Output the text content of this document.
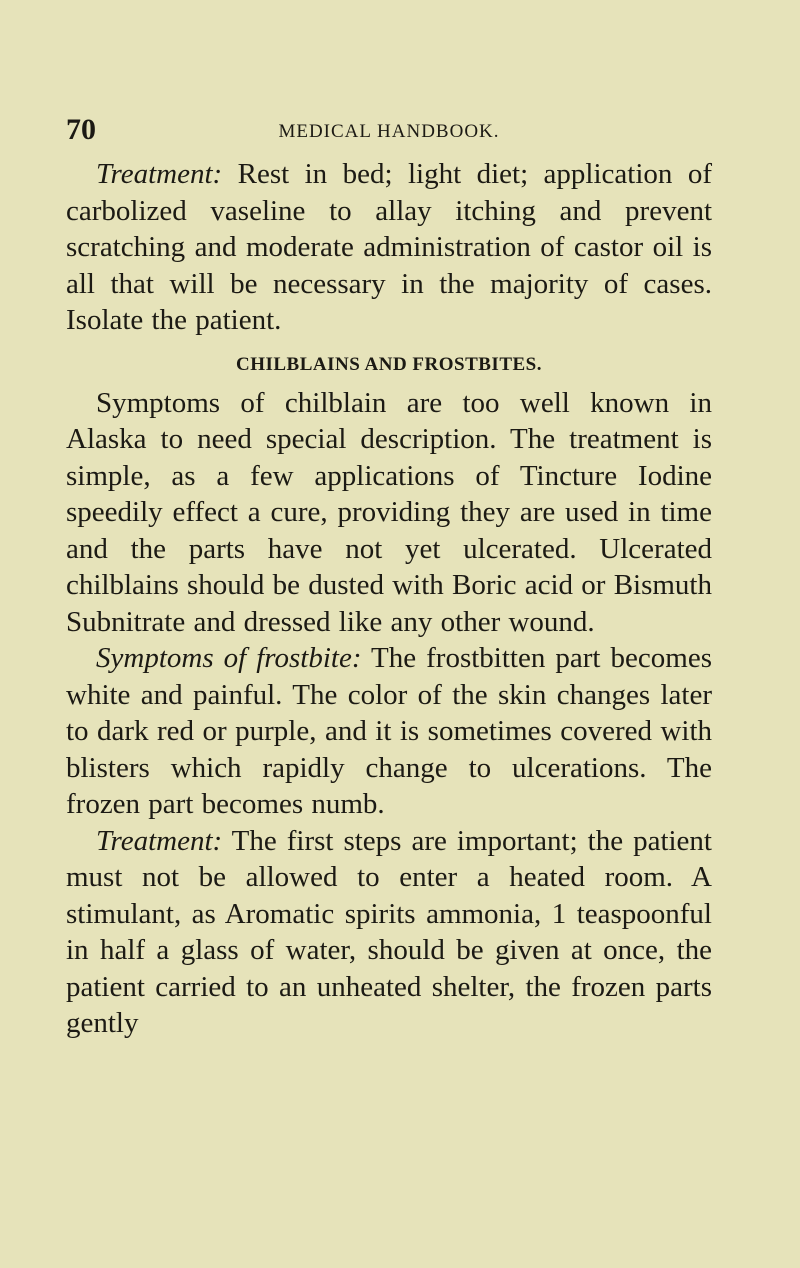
70	MEDICAL HANDBOOK.

Treatment: Rest in bed; light diet; application of carbolized vaseline to allay itching and prevent scratching and moderate administration of castor oil is all that will be necessary in the majority of cases. Isolate the patient.

CHILBLAINS AND FROSTBITES.

Symptoms of chilblain are too well known in Alaska to need special description. The treatment is simple, as a few applications of Tincture Iodine speedily effect a cure, providing they are used in time and the parts have not yet ulcerated. Ulcerated chilblains should be dusted with Boric acid or Bismuth Subnitrate and dressed like any other wound.

Symptoms of frostbite: The frostbitten part becomes white and painful. The color of the skin changes later to dark red or purple, and it is sometimes covered with blisters which rapidly change to ulcerations. The frozen part becomes numb.

Treatment: The first steps are important; the patient must not be allowed to enter a heated room. A stimulant, as Aromatic spirits ammonia, 1 teaspoonful in half a glass of water, should be given at once, the patient carried to an unheated shelter, the frozen parts gently
